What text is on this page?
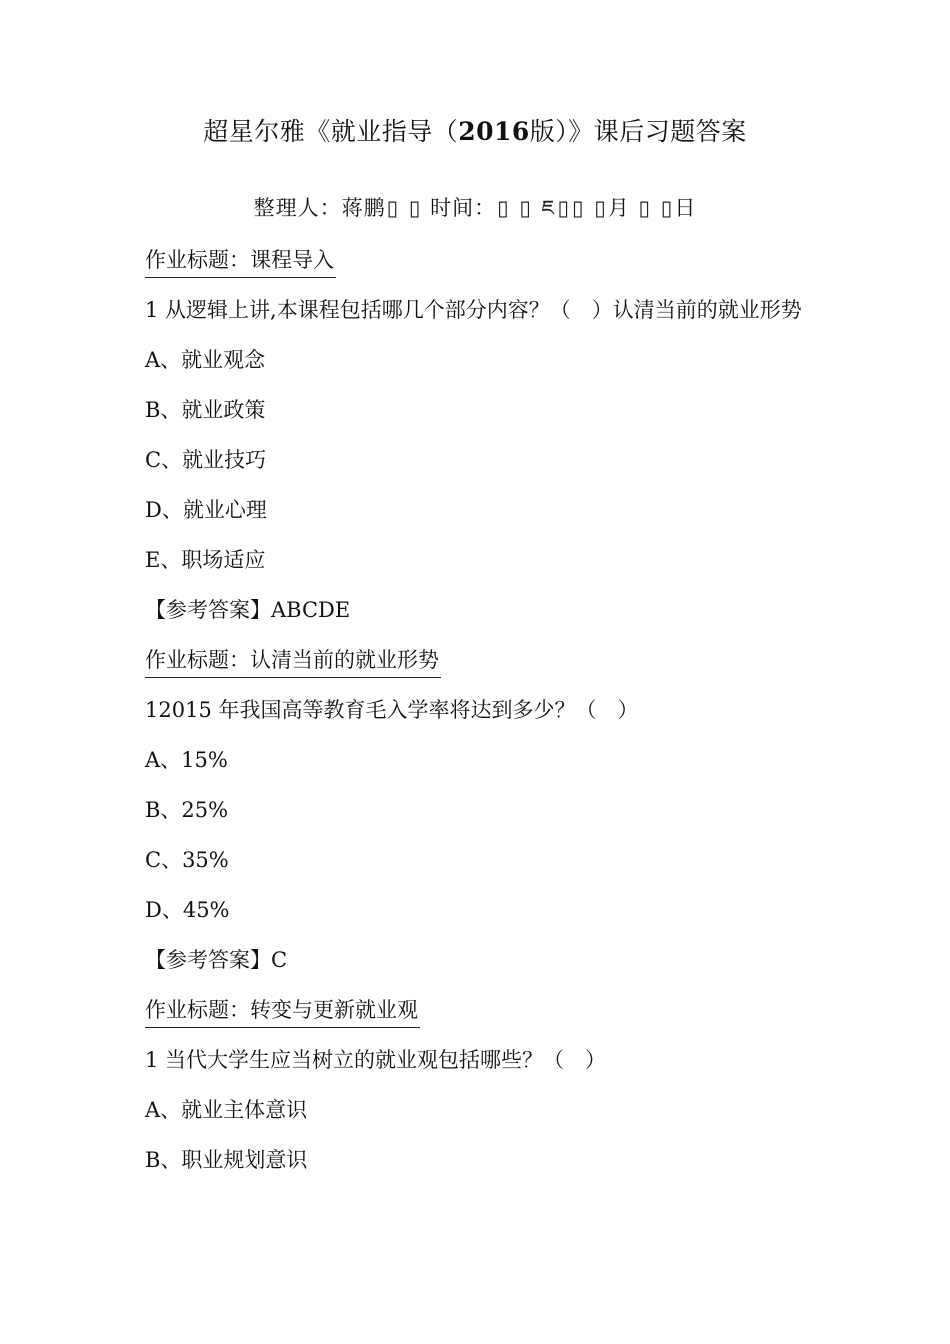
超星尔雅《就业指导（2016版）》课后习题答案
整理人：蒋鹏▯ ▯ 时间：▯ ▯ ཇ▯▯ ▯月 ▯ ▯日
作业标题：课程导入
1 从逻辑上讲,本课程包括哪几个部分内容？（　）认清当前的就业形势
A、就业观念
B、就业政策
C、就业技巧
D、就业心理
E、职场适应
【参考答案】ABCDE
作业标题：认清当前的就业形势
12015 年我国高等教育毛入学率将达到多少？（　）
A、15%
B、25%
C、35%
D、45%
【参考答案】C
作业标题：转变与更新就业观
1 当代大学生应当树立的就业观包括哪些？（　）
A、就业主体意识
B、职业规划意识
